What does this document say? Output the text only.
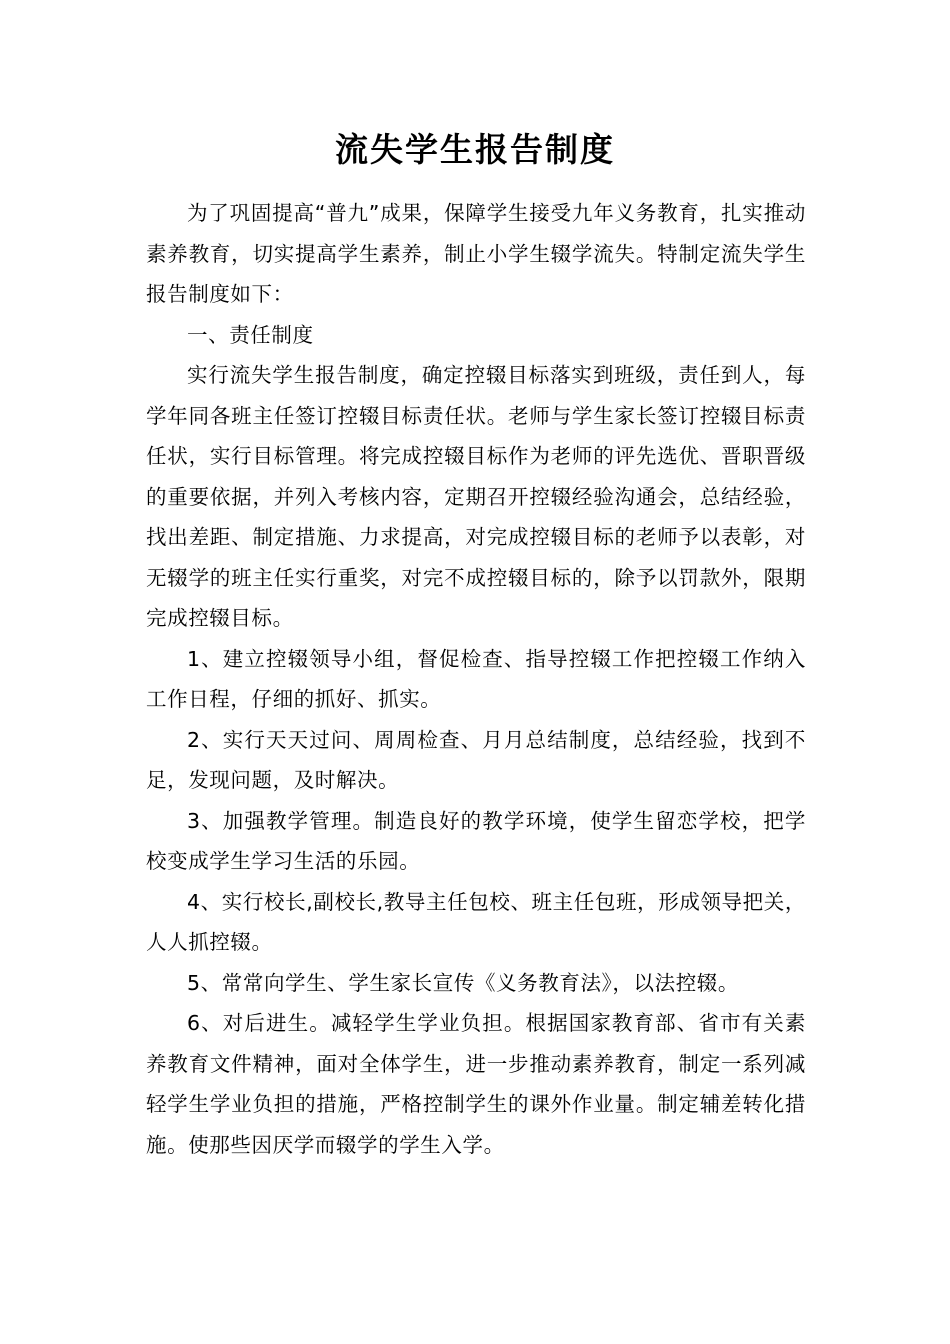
流失学生报告制度

为了巩固提高“普九”成果，保障学生接受九年义务教育，扎实推动素养教育，切实提高学生素养，制止小学生辍学流失。特制定流失学生报告制度如下：

一、责任制度

实行流失学生报告制度，确定控辍目标落实到班级，责任到人，每学年同各班主任签订控辍目标责任状。老师与学生家长签订控辍目标责任状，实行目标管理。将完成控辍目标作为老师的评先选优、晋职晋级的重要依据，并列入考核内容，定期召开控辍经验沟通会，总结经验，找出差距、制定措施、力求提高，对完成控辍目标的老师予以表彰，对无辍学的班主任实行重奖，对完不成控辍目标的，除予以罚款外，限期完成控辍目标。

1、建立控辍领导小组，督促检查、指导控辍工作把控辍工作纳入工作日程，仔细的抓好、抓实。

2、实行天天过问、周周检查、月月总结制度，总结经验，找到不足，发现问题，及时解决。

3、加强教学管理。制造良好的教学环境，使学生留恋学校，把学校变成学生学习生活的乐园。

4、实行校长,副校长,教导主任包校、班主任包班，形成领导把关，人人抓控辍。

5、常常向学生、学生家长宣传《义务教育法》，以法控辍。

6、对后进生。减轻学生学业负担。根据国家教育部、省市有关素养教育文件精神，面对全体学生，进一步推动素养教育，制定一系列减轻学生学业负担的措施，严格控制学生的课外作业量。制定辅差转化措施。使那些因厌学而辍学的学生入学。
